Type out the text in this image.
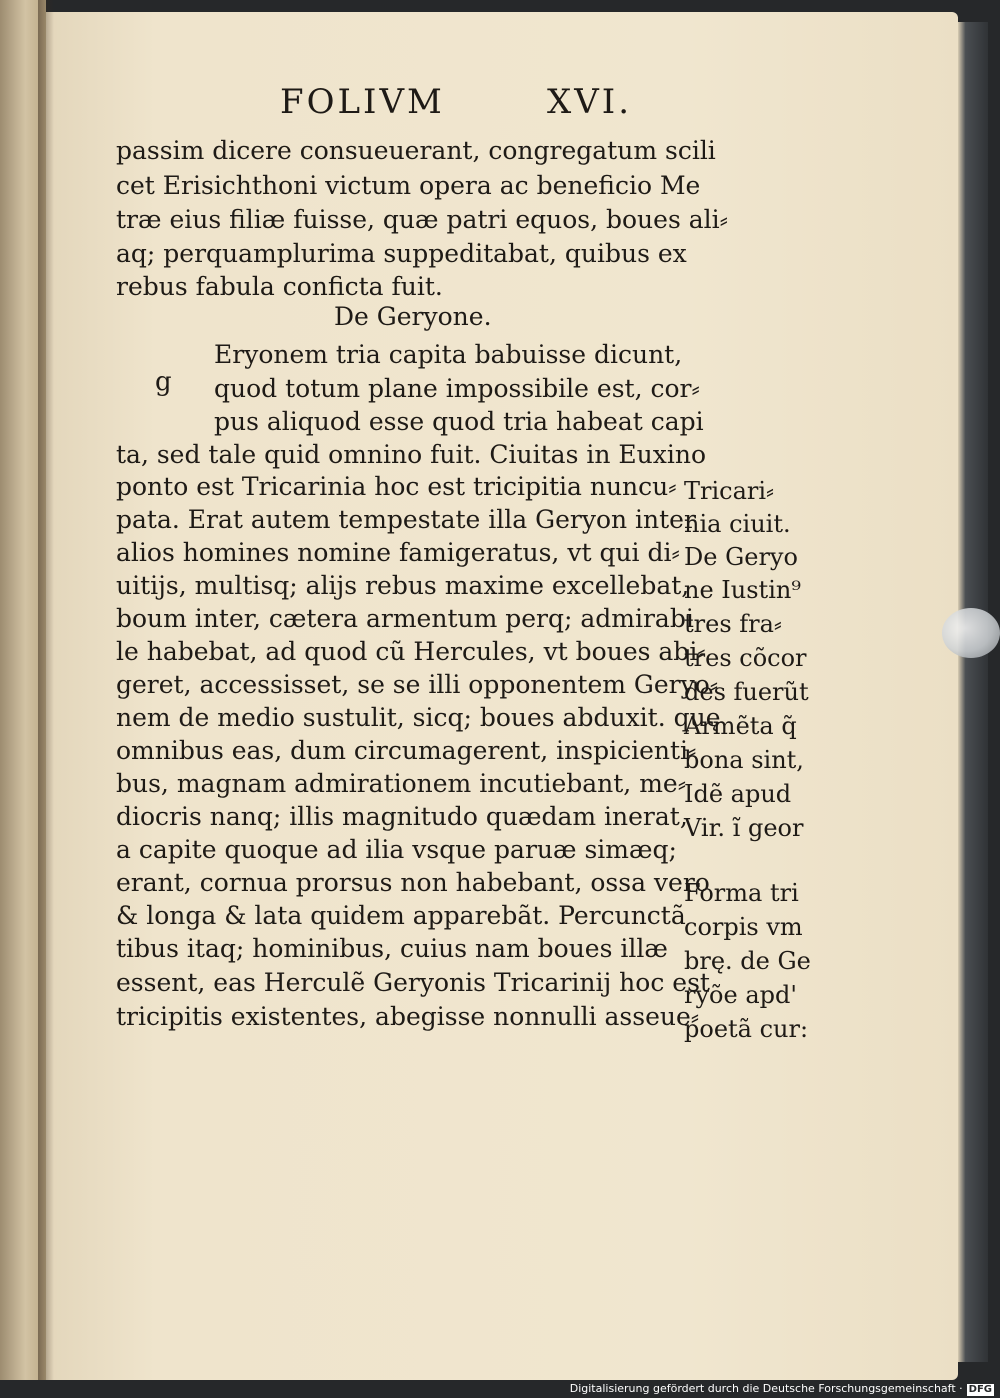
FOLIVM	XVI.
passim dicere consueuerant, congregatum scili
cet Erisichthoni victum opera ac beneficio Me
træ eius filiæ fuisse, quæ patri equos, boues ali⸗
aq; perquamplurima suppeditabat, quibus ex
rebus fabula conficta fuit.
De Geryone.
g
Eryonem tria capita babuisse dicunt,
quod totum plane impossibile est, cor⸗
pus aliquod esse quod tria habeat capi
ta, sed tale quid omnino fuit. Ciuitas in Euxino
ponto est Tricarinia hoc est tricipitia nuncu⸗
pata. Erat autem tempestate illa Geryon inter
alios homines nomine famigeratus, vt qui di⸗
uitijs, multisq; alijs rebus maxime excellebat,
boum inter, cætera armentum perq; admirabi
le habebat, ad quod cũ Hercules, vt boues abi⸗
geret, accessisset, se se illi opponentem Geryo⸗
nem de medio sustulit, sicq; boues abduxit. quę
omnibus eas, dum circumagerent, inspicienti⸗
bus, magnam admirationem incutiebant, me⸗
diocris nanq; illis magnitudo quædam inerat,
a capite quoque ad ilia vsque paruæ simæq;
erant, cornua prorsus non habebant, ossa vero
& longa & lata quidem apparebãt. Percunctã
tibus itaq; hominibus, cuius nam boues illæ
essent, eas Herculẽ Geryonis Tricarinij hoc est
tricipitis existentes, abegisse nonnulli asseue⸗
Tricari⸗
nia ciuit.
De Geryo
ne Iustin⁹
tres fra⸗
tres cõcor
des fuerũt
Armẽta q̃
bona sint,
Idẽ apud
Vir. ĩ geor
Forma tri
corpis vm
brę. de Ge
ryõe apd'
poetã cur:
Digitalisierung gefördert durch die Deutsche Forschungsgemeinschaft · DFG
